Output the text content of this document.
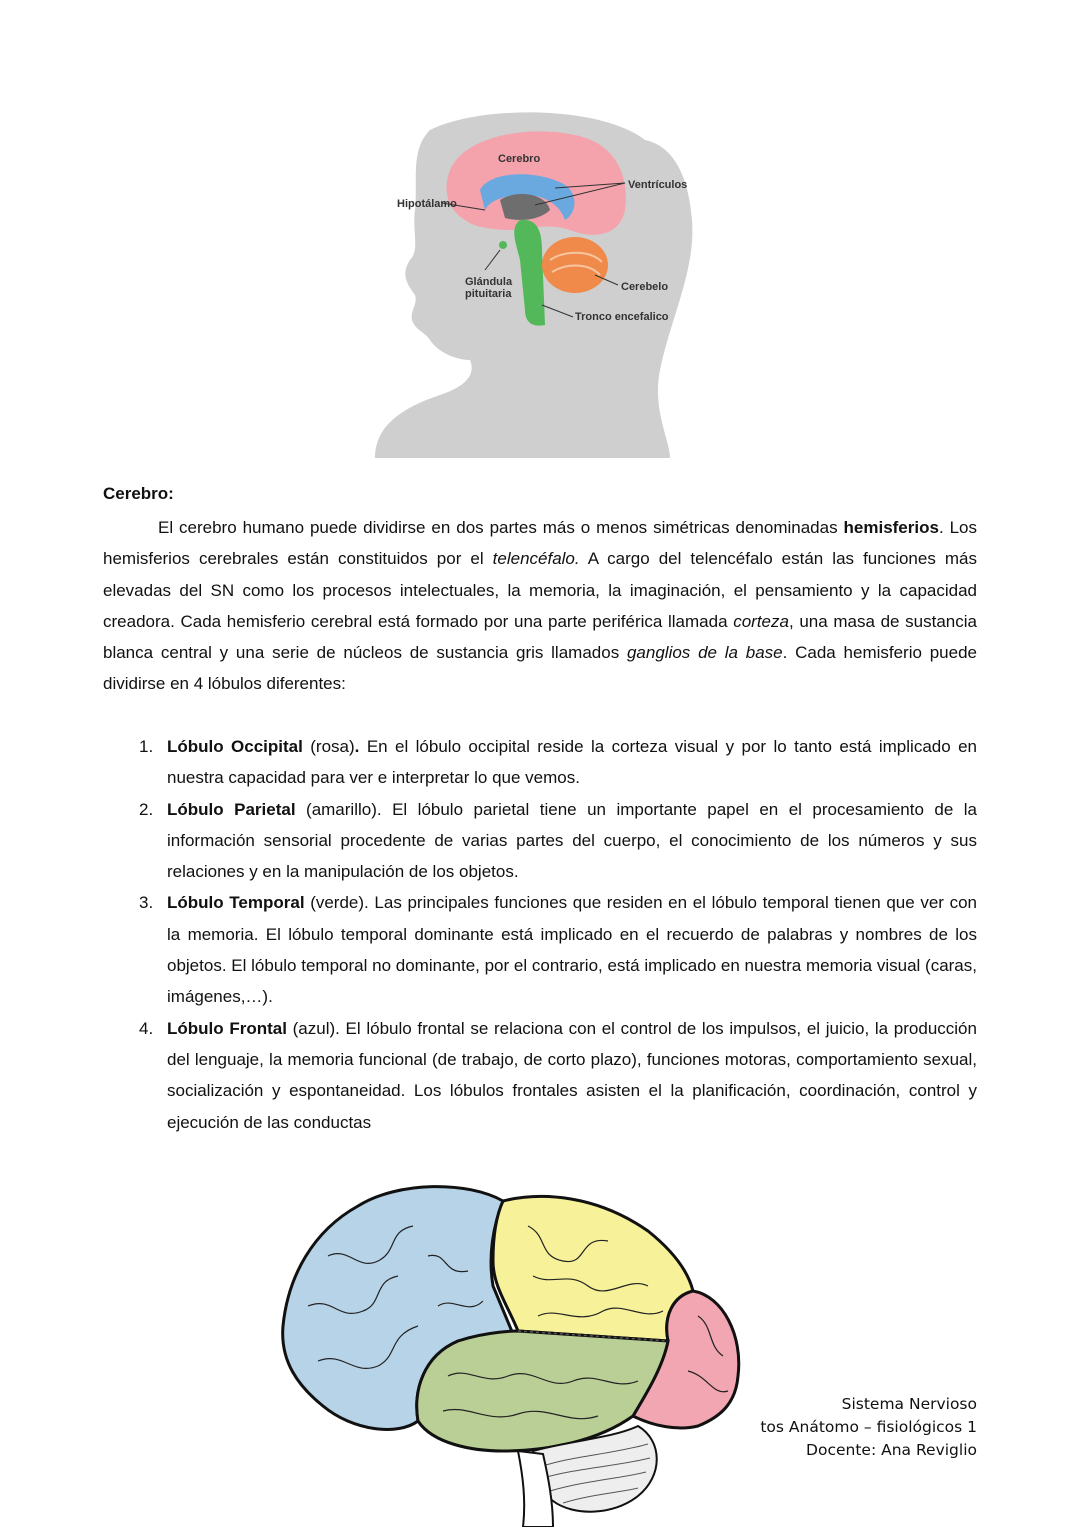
Cerebro
Ventrículos
Hipotálamo
Glándula
pituitaria
Cerebelo
Tronco encefalico
Cerebro:
El cerebro humano puede dividirse en dos partes más o menos simétricas denominadas hemisferios. Los hemisferios cerebrales están constituidos por el telencéfalo. A cargo del telencéfalo están las funciones más elevadas del SN como los procesos intelectuales, la memoria, la imaginación, el pensamiento y la capacidad creadora. Cada hemisferio cerebral está formado por una parte periférica llamada corteza, una masa de sustancia blanca central y una serie de núcleos de sustancia gris llamados ganglios de la base. Cada hemisferio puede dividirse en 4 lóbulos diferentes:
1. Lóbulo Occipital (rosa). En el lóbulo occipital reside la corteza visual y por lo tanto está implicado en nuestra capacidad para ver e interpretar lo que vemos.
2. Lóbulo Parietal (amarillo). El lóbulo parietal tiene un importante papel en el procesamiento de la información sensorial procedente de varias partes del cuerpo, el conocimiento de los números y sus relaciones y en la manipulación de los objetos.
3. Lóbulo Temporal (verde). Las principales funciones que residen en el lóbulo temporal tienen que ver con la memoria. El lóbulo temporal dominante está implicado en el recuerdo de palabras y nombres de los objetos. El lóbulo temporal no dominante, por el contrario, está implicado en nuestra memoria visual (caras, imágenes,…).
4. Lóbulo Frontal (azul). El lóbulo frontal se relaciona con el control de los impulsos, el juicio, la producción del lenguaje, la memoria funcional (de trabajo, de corto plazo), funciones motoras, comportamiento sexual, socialización y espontaneidad. Los lóbulos frontales asisten el la planificación, coordinación, control y ejecución de las conductas
Sistema Nervioso
tos Anátomo – fisiológicos 1
Docente: Ana Reviglio
